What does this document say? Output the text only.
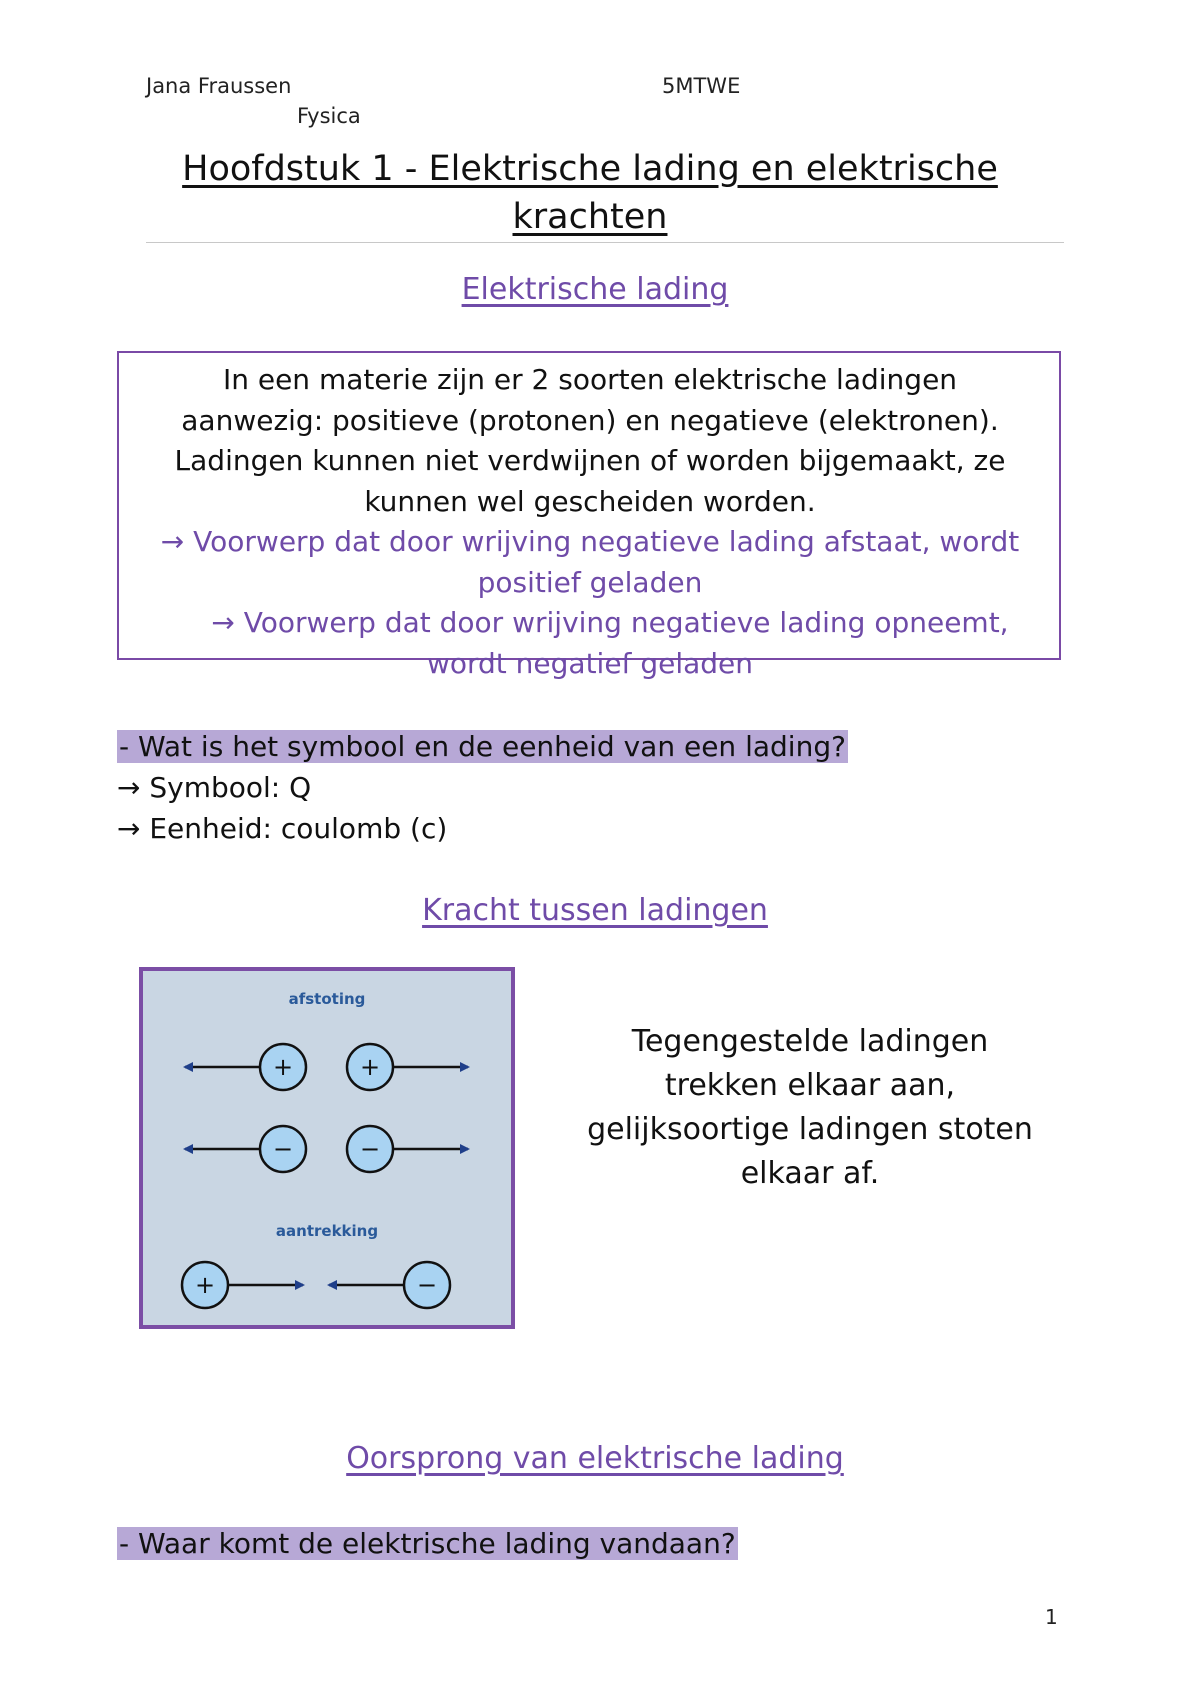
Jana Fraussen	5MTWE
Fysica
Hoofdstuk 1 - Elektrische lading en elektrische
krachten
Elektrische lading
In een materie zijn er 2 soorten elektrische ladingen
aanwezig: positieve (protonen) en negatieve (elektronen).
Ladingen kunnen niet verdwijnen of worden bijgemaakt, ze
kunnen wel gescheiden worden.
→ Voorwerp dat door wrijving negatieve lading afstaat, wordt
positief geladen
→ Voorwerp dat door wrijving negatieve lading opneemt,
wordt negatief geladen
- Wat is het symbool en de eenheid van een lading?
→ Symbool: Q
→ Eenheid: coulomb (c)
Kracht tussen ladingen
afstoting
+	+
−	−
aantrekking
+	−
Tegengestelde ladingen
trekken elkaar aan,
gelijksoortige ladingen stoten
elkaar af.
Oorsprong van elektrische lading
- Waar komt de elektrische lading vandaan?
1
